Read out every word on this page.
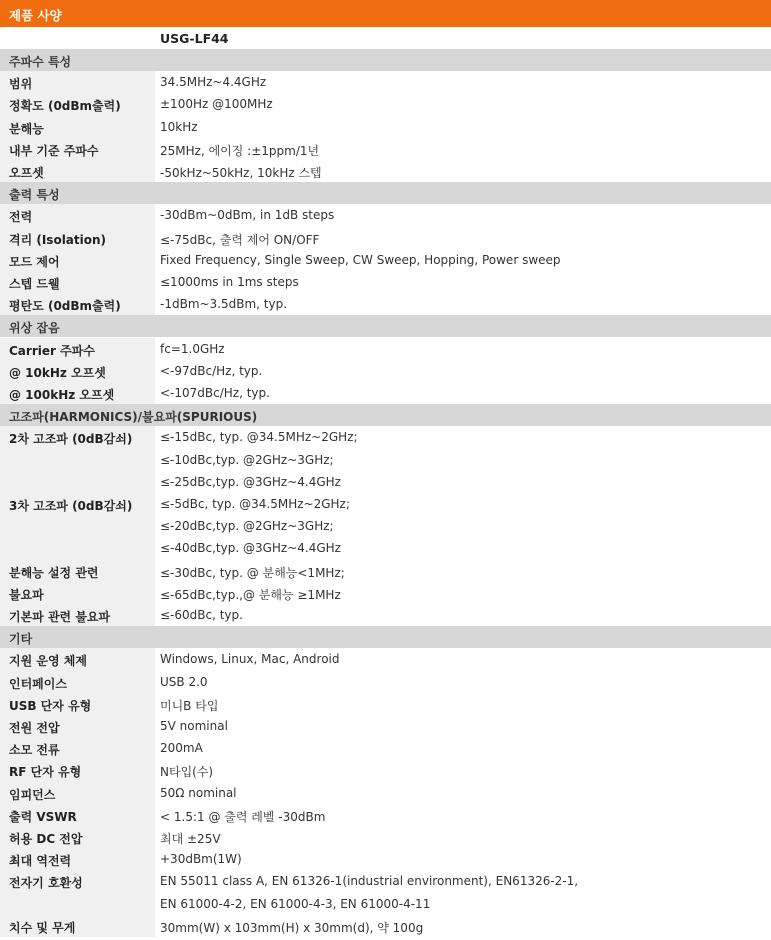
제품 사양
USG-LF44
주파수 특성
범위	34.5MHz~4.4GHz
정확도 (0dBm출력)	±100Hz @100MHz
분해능	10kHz
내부 기준 주파수	25MHz, 에이징 :±1ppm/1년
오프셋	-50kHz~50kHz, 10kHz 스텝
출력 특성
전력	-30dBm~0dBm, in 1dB steps
격리 (Isolation)	≤-75dBc, 출력 제어 ON/OFF
모드 제어	Fixed Frequency, Single Sweep, CW Sweep, Hopping, Power sweep
스텝 드웰	≤1000ms in 1ms steps
평탄도 (0dBm출력)	-1dBm~3.5dBm, typ.
위상 잡음
Carrier 주파수	fc=1.0GHz
@ 10kHz 오프셋	<-97dBc/Hz, typ.
@ 100kHz 오프셋	<-107dBc/Hz, typ.
고조파(HARMONICS)/불요파(SPURIOUS)
2차 고조파 (0dB감쇠)	≤-15dBc, typ. @34.5MHz~2GHz;
≤-10dBc,typ. @2GHz~3GHz;
≤-25dBc,typ. @3GHz~4.4GHz
3차 고조파 (0dB감쇠)	≤-5dBc, typ. @34.5MHz~2GHz;
≤-20dBc,typ. @2GHz~3GHz;
≤-40dBc,typ. @3GHz~4.4GHz
분해능 설정 관련	≤-30dBc, typ. @ 분해능<1MHz;
불요파	≤-65dBc,typ.,@ 분해능 ≥1MHz
기본파 관련 불요파	≤-60dBc, typ.
기타
지원 운영 체제	Windows, Linux, Mac, Android
인터페이스	USB 2.0
USB 단자 유형	미니B 타입
전원 전압	5V nominal
소모 전류	200mA
RF 단자 유형	N타입(수)
임피던스	50Ω nominal
출력 VSWR	< 1.5:1 @ 출력 레벨 -30dBm
허용 DC 전압	최대 ±25V
최대 역전력	+30dBm(1W)
전자기 호환성	EN 55011 class A, EN 61326-1(industrial environment), EN61326-2-1,
EN 61000-4-2, EN 61000-4-3, EN 61000-4-11
치수 및 무게	30mm(W) x 103mm(H) x 30mm(d), 약 100g
